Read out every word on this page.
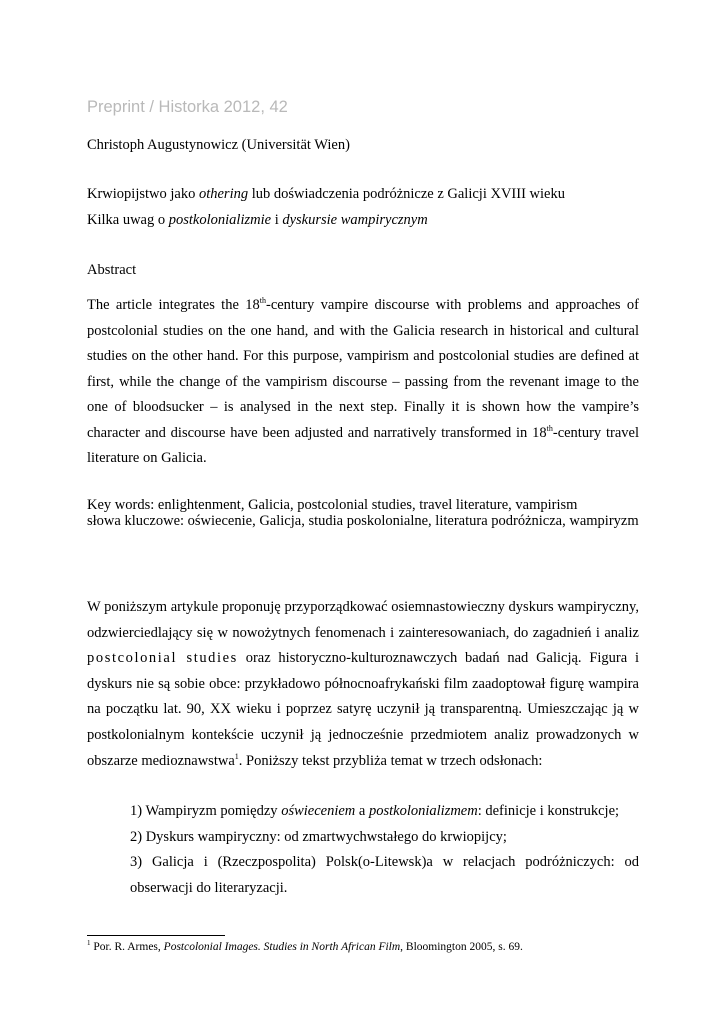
Preprint / Historka 2012, 42
Christoph Augustynowicz (Universität Wien)
Krwiopijstwo jako othering lub doświadczenia podróżnicze z Galicji XVIII wieku
Kilka uwag o postkolonializmie i dyskursie wampirycznym
Abstract
The article integrates the 18th-century vampire discourse with problems and approaches of postcolonial studies on the one hand, and with the Galicia research in historical and cultural studies on the other hand. For this purpose, vampirism and postcolonial studies are defined at first, while the change of the vampirism discourse – passing from the revenant image to the one of bloodsucker – is analysed in the next step. Finally it is shown how the vampire’s character and discourse have been adjusted and narratively transformed in 18th-century travel literature on Galicia.
Key words: enlightenment, Galicia, postcolonial studies, travel literature, vampirism
słowa kluczowe: oświecenie, Galicja, studia poskolonialne, literatura podróżnicza, wampiryzm

W poniższym artykule proponuję przyporządkować osiemnastowieczny dyskurs wampiryczny, odzwierciedlający się w nowożytnych fenomenach i zainteresowaniach, do zagadnień i analiz postcolonial studies oraz historyczno-kulturoznawczych badań nad Galicją. Figura i dyskurs nie są sobie obce: przykładowo północnoafrykański film zaadoptował figurę wampira na początku lat. 90, XX wieku i poprzez satyrę uczynił ją transparentną. Umieszczając ją w postkolonialnym kontekście uczynił ją jednocześnie przedmiotem analiz prowadzonych w obszarze medioznawstwa$^1$. Poniższy tekst przybliża temat w trzech odsłonach:

1) Wampiryzm pomiędzy oświeceniem a postkolonializmem: definicje i konstrukcje;

2) Dyskurs wampiryczny: od zmartwychwstałego do krwiopijcy;

3) Galicja i (Rzeczpospolita) Polsk(o-Litewsk)a w relacjach podróżniczych: od obserwacji do literaryzacji.

$^1$ Por. R. Armes, Postcolonial Images. Studies in North African Film, Bloomington 2005, s. 69.
